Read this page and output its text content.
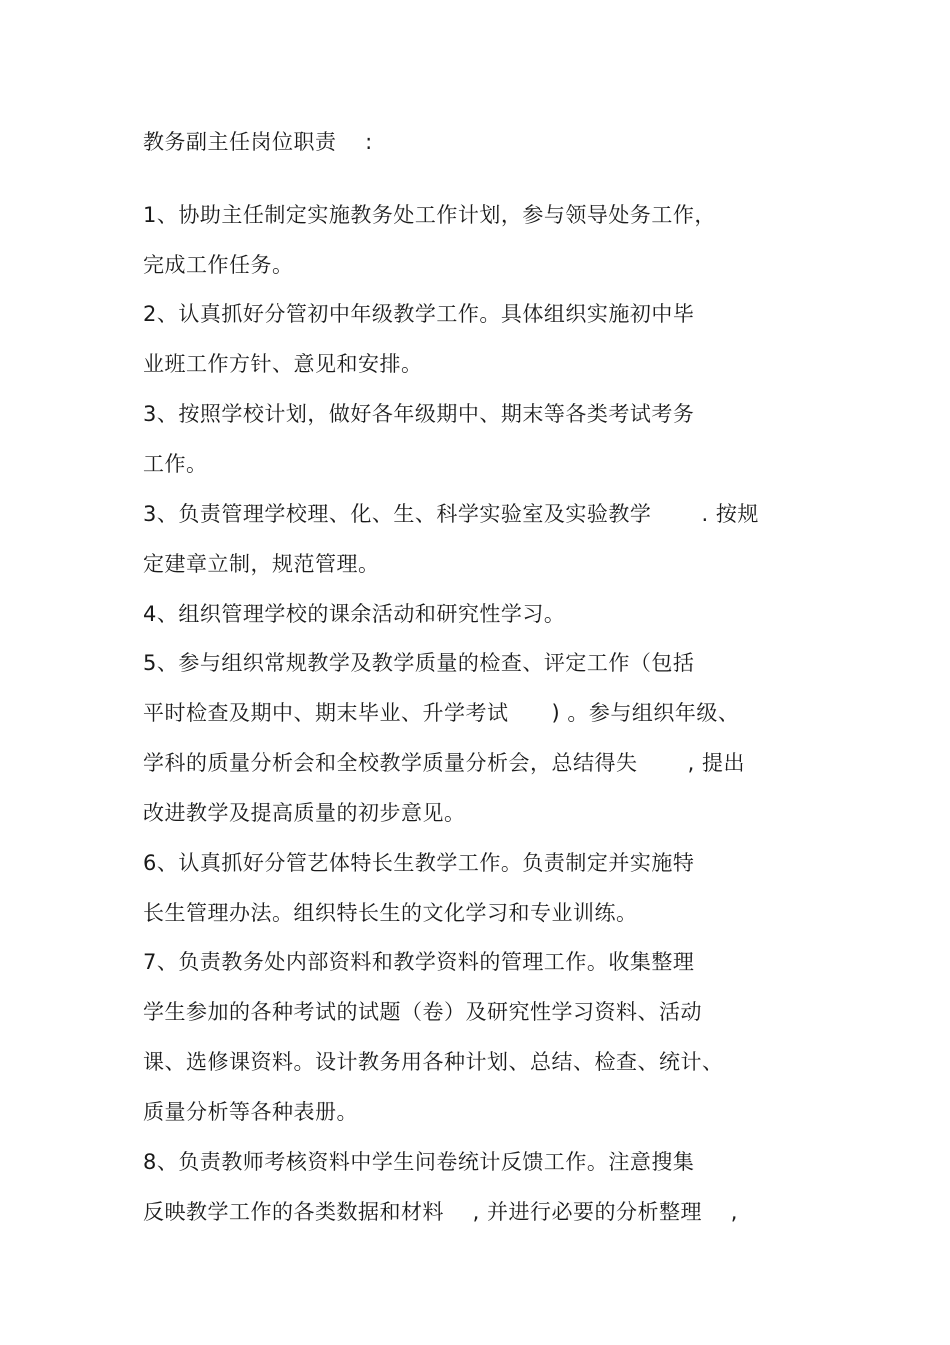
教务副主任岗位职责　 :
1、协助主任制定实施教务处工作计划，参与领导处务工作，
完成工作任务。
2、认真抓好分管初中年级教学工作。具体组织实施初中毕
业班工作方针、意见和安排。
3、按照学校计划，做好各年级期中、期末等各类考试考务
工作。
3、负责管理学校理、化、生、科学实验室及实验教学　　 . 按规
定建章立制，规范管理。
4、组织管理学校的课余活动和研究性学习。
5、参与组织常规教学及教学质量的检查、评定工作（包括
平时检查及期中、期末毕业、升学考试　　) 。参与组织年级、
学科的质量分析会和全校教学质量分析会，总结得失　　 , 提出
改进教学及提高质量的初步意见。
6、认真抓好分管艺体特长生教学工作。负责制定并实施特
长生管理办法。组织特长生的文化学习和专业训练。
7、负责教务处内部资料和教学资料的管理工作。收集整理
学生参加的各种考试的试题（卷）及研究性学习资料、活动
课、选修课资料。设计教务用各种计划、总结、检查、统计、
质量分析等各种表册。
8、负责教师考核资料中学生问卷统计反馈工作。注意搜集
反映教学工作的各类数据和材料　 , 并进行必要的分析整理　 ,
